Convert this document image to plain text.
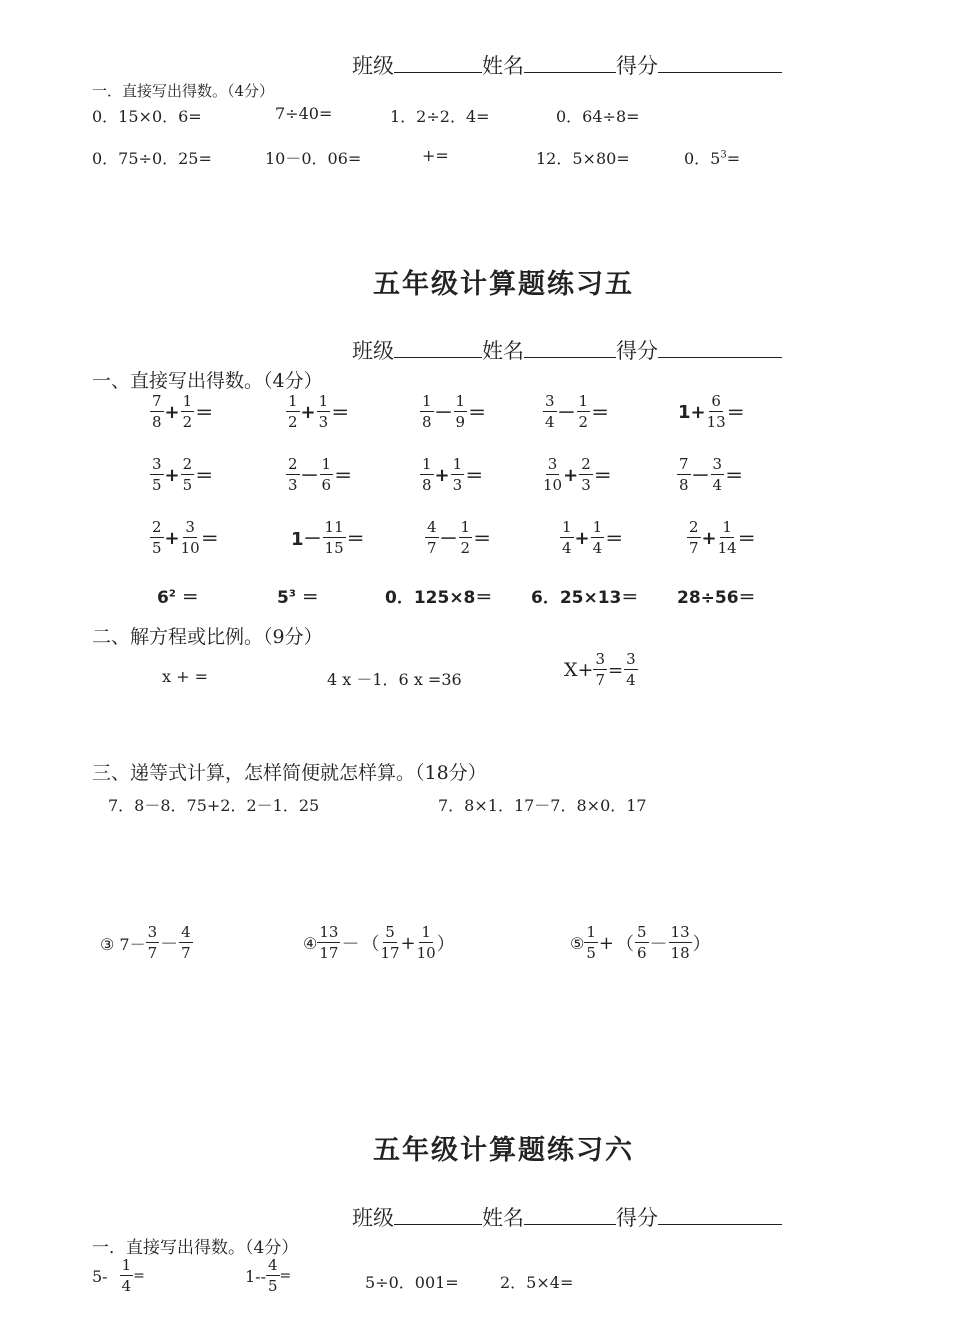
班级	姓名	得分
一．直接写出得数。（4分）
0．15×0．6=	7÷40=	1．2÷2．4=	0．64÷8=
0．75÷0．25=	10－0．06=	+=	12．5×80=	0．$5^3=$
五年级计算题练习五
班级	姓名	得分
一、直接写出得数。（4分）
$\frac{7}{8} + \frac{1}{2}$ ＝	$\frac{1}{2} + \frac{1}{3}$ ＝	$\frac{1}{8} - \frac{1}{9}$ ＝	$\frac{3}{4} - \frac{1}{2}$ ＝	$1+ \frac{6}{13}$ ＝
$\frac{3}{5} + \frac{2}{5}$ ＝	$\frac{2}{3} - \frac{1}{6}$ ＝	$\frac{1}{8} + \frac{1}{3}$ ＝	$\frac{3}{10} + \frac{2}{3}$ ＝	$\frac{7}{8} - \frac{3}{4}$ ＝
$\frac{2}{5} + \frac{3}{10}$ ＝	$1- \frac{11}{15}$ ＝	$\frac{4}{7} - \frac{1}{2}$ ＝	$\frac{1}{4} + \frac{1}{4}$ ＝	$\frac{2}{7} + \frac{1}{14}$ ＝
$6^2$ ＝	$5^3$ ＝	0．125×8＝ 6．25×13＝ 28÷56＝
二、解方程或比例。（9分）
x + =	4 x －1．6 x =36	$X+ \frac{3}{7} = \frac{3}{4}$
三、递等式计算，怎样简便就怎样算。（18分）
7．8－8．75+2．2－1．25	7．8×1．17－7．8×0．17
③ $7- \frac{3}{7} - \frac{4}{7}$	④ $\frac{13}{17}$ － （ $\frac{5}{17} + \frac{1}{10}$ ）	⑤ $\frac{1}{5}$ + （ $\frac{5}{6} - \frac{13}{18}$ ）
五年级计算题练习六
班级	姓名	得分
一．直接写出得数。（4分）
$5- \frac{1}{4}$ =	$1-- \frac{4}{5}$ =	5÷0．001=	2．5×4=
